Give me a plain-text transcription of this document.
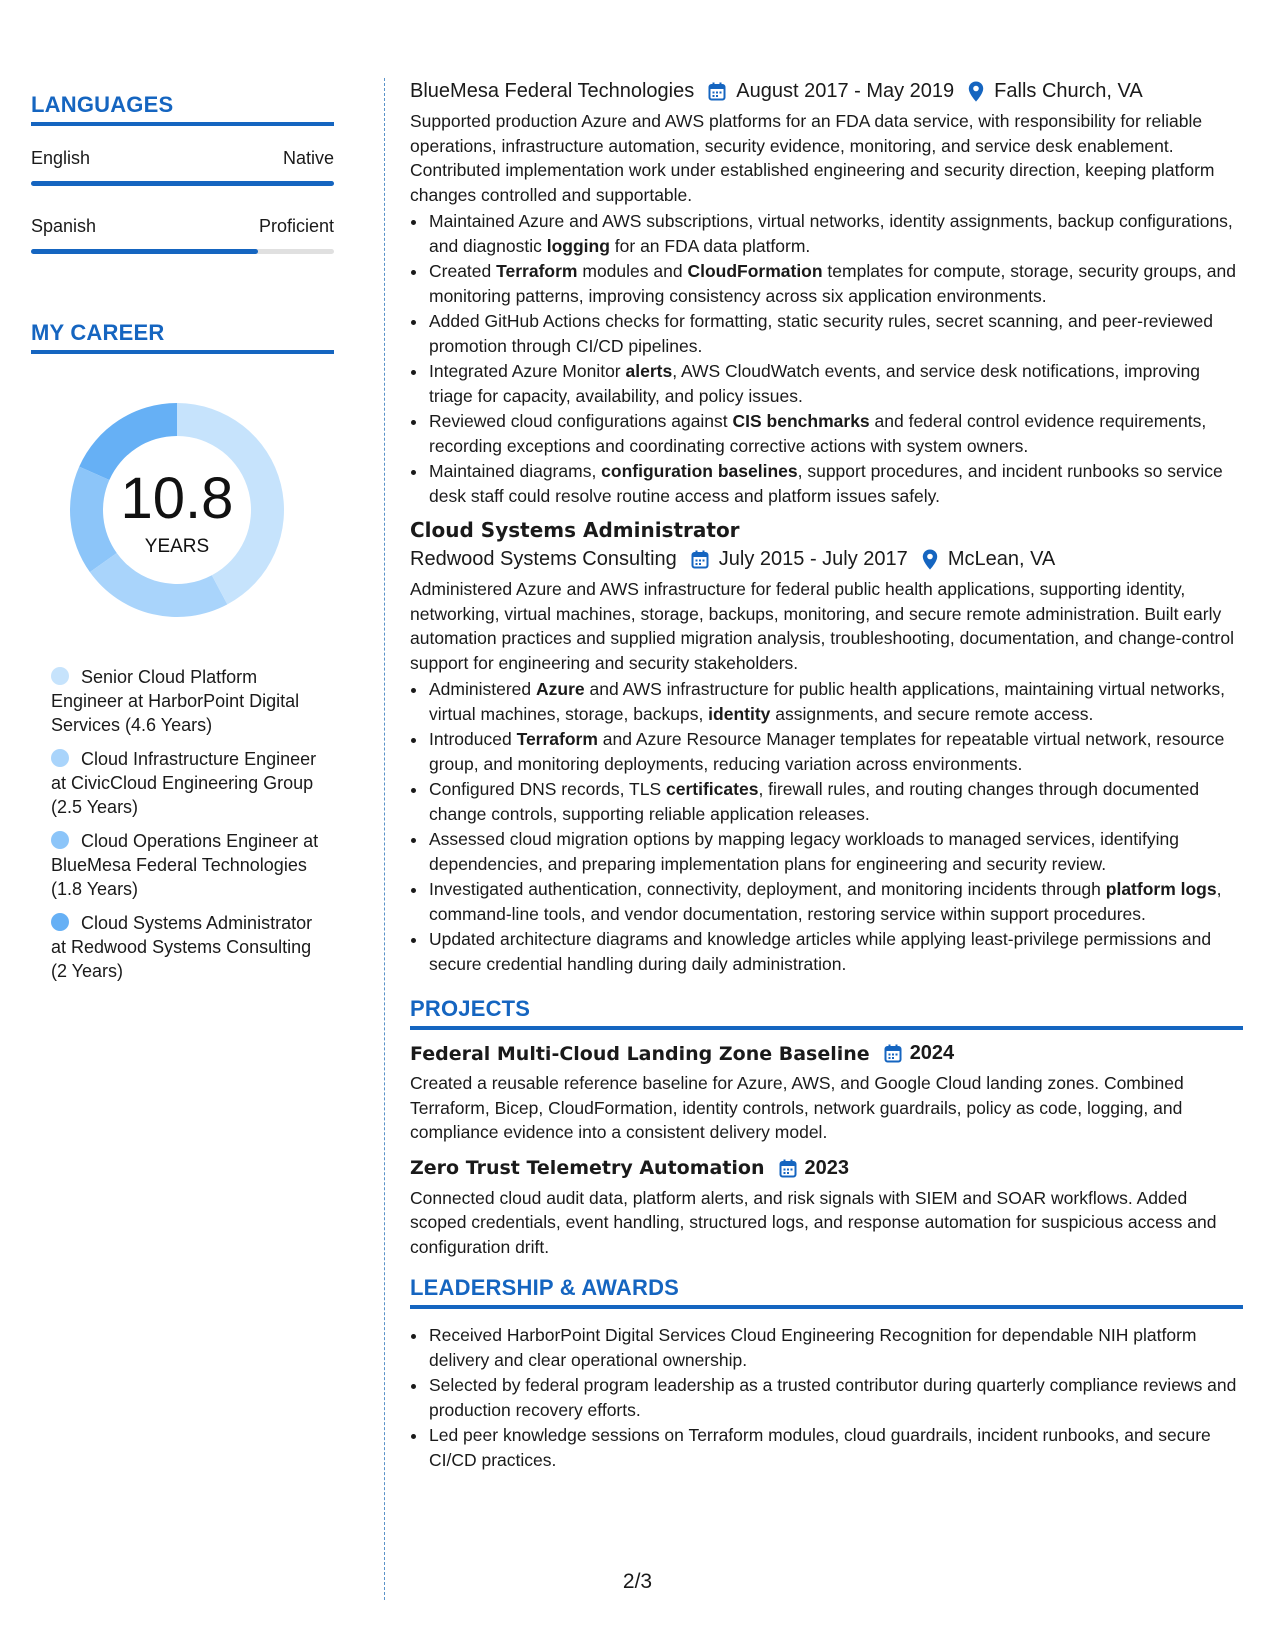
LANGUAGES
English	Native
Spanish	Proficient
MY CAREER
10.8
YEARS
Senior Cloud Platform Engineer at HarborPoint Digital Services (4.6 Years)
Cloud Infrastructure Engineer at CivicCloud Engineering Group (2.5 Years)
Cloud Operations Engineer at BlueMesa Federal Technologies (1.8 Years)
Cloud Systems Administrator at Redwood Systems Consulting (2 Years)
BlueMesa Federal Technologies August 2017 - May 2019 Falls Church, VA
Supported production Azure and AWS platforms for an FDA data service, with responsibility for reliable operations, infrastructure automation, security evidence, monitoring, and service desk enablement. Contributed implementation work under established engineering and security direction, keeping platform changes controlled and supportable.
• Maintained Azure and AWS subscriptions, virtual networks, identity assignments, backup configurations, and diagnostic logging for an FDA data platform.
• Created Terraform modules and CloudFormation templates for compute, storage, security groups, and monitoring patterns, improving consistency across six application environments.
• Added GitHub Actions checks for formatting, static security rules, secret scanning, and peer-reviewed promotion through CI/CD pipelines.
• Integrated Azure Monitor alerts, AWS CloudWatch events, and service desk notifications, improving triage for capacity, availability, and policy issues.
• Reviewed cloud configurations against CIS benchmarks and federal control evidence requirements, recording exceptions and coordinating corrective actions with system owners.
• Maintained diagrams, configuration baselines, support procedures, and incident runbooks so service desk staff could resolve routine access and platform issues safely.
Cloud Systems Administrator
Redwood Systems Consulting July 2015 - July 2017 McLean, VA
Administered Azure and AWS infrastructure for federal public health applications, supporting identity, networking, virtual machines, storage, backups, monitoring, and secure remote administration. Built early automation practices and supplied migration analysis, troubleshooting, documentation, and change-control support for engineering and security stakeholders.
• Administered Azure and AWS infrastructure for public health applications, maintaining virtual networks, virtual machines, storage, backups, identity assignments, and secure remote access.
• Introduced Terraform and Azure Resource Manager templates for repeatable virtual network, resource group, and monitoring deployments, reducing variation across environments.
• Configured DNS records, TLS certificates, firewall rules, and routing changes through documented change controls, supporting reliable application releases.
• Assessed cloud migration options by mapping legacy workloads to managed services, identifying dependencies, and preparing implementation plans for engineering and security review.
• Investigated authentication, connectivity, deployment, and monitoring incidents through platform logs, command-line tools, and vendor documentation, restoring service within support procedures.
• Updated architecture diagrams and knowledge articles while applying least-privilege permissions and secure credential handling during daily administration.
PROJECTS
Federal Multi-Cloud Landing Zone Baseline 2024
Created a reusable reference baseline for Azure, AWS, and Google Cloud landing zones. Combined Terraform, Bicep, CloudFormation, identity controls, network guardrails, policy as code, logging, and compliance evidence into a consistent delivery model.
Zero Trust Telemetry Automation 2023
Connected cloud audit data, platform alerts, and risk signals with SIEM and SOAR workflows. Added scoped credentials, event handling, structured logs, and response automation for suspicious access and configuration drift.
LEADERSHIP & AWARDS
• Received HarborPoint Digital Services Cloud Engineering Recognition for dependable NIH platform delivery and clear operational ownership.
• Selected by federal program leadership as a trusted contributor during quarterly compliance reviews and production recovery efforts.
• Led peer knowledge sessions on Terraform modules, cloud guardrails, incident runbooks, and secure CI/CD practices.
2/3
